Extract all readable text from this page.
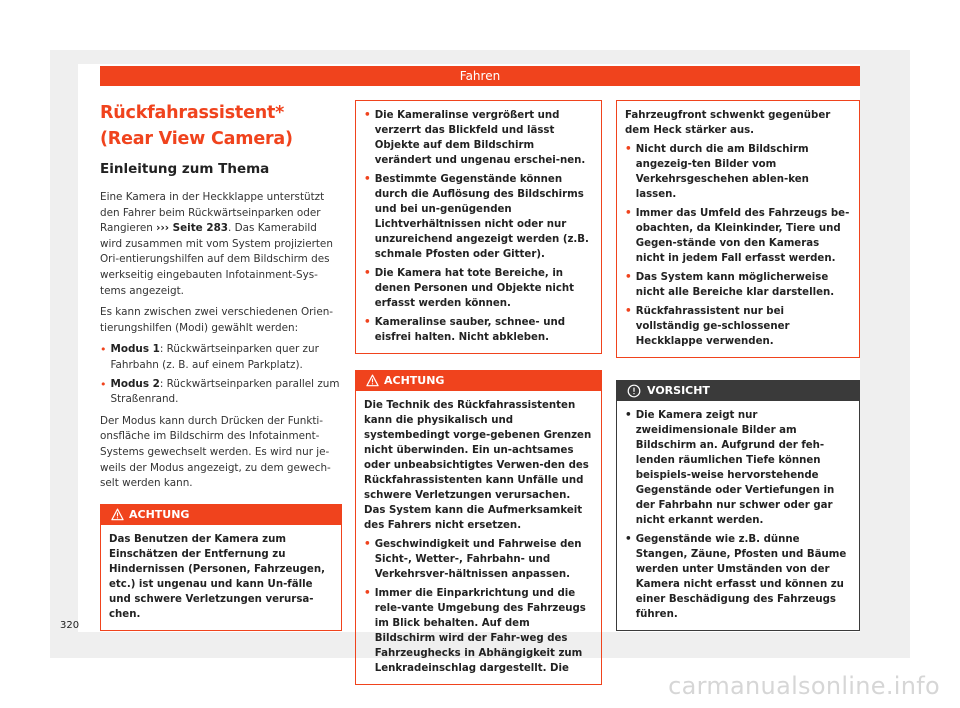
Fahren
Rückfahrassistent* (Rear View Camera)
Einleitung zum Thema

Eine Kamera in der Heckklappe unterstützt den Fahrer beim Rückwärtseinparken oder Rangieren ››› Seite 283. Das Kamerabild wird zusammen mit vom System projizierten Ori-entierungshilfen auf dem Bildschirm des werkseitig eingebauten Infotainment-Sys-tems angezeigt.

Es kann zwischen zwei verschiedenen Orien-tierungshilfen (Modi) gewählt werden:

• Modus 1: Rückwärtseinparken quer zur Fahrbahn (z. B. auf einem Parkplatz).

• Modus 2: Rückwärtseinparken parallel zum Straßenrand.

Der Modus kann durch Drücken der Funkti-onsfläche im Bildschirm des Infotainment-Systems gewechselt werden. Es wird nur je-weils der Modus angezeigt, zu dem gewech-selt werden kann.

ACHTUNG
Das Benutzen der Kamera zum Einschätzen der Entfernung zu Hindernissen (Personen, Fahrzeugen, etc.) ist ungenau und kann Un-fälle und schwere Verletzungen verursa-chen.
• Die Kameralinse vergrößert und verzerrt das Blickfeld und lässt Objekte auf dem Bildschirm verändert und ungenau erschei-nen.
• Bestimmte Gegenstände können durch die Auflösung des Bildschirms und bei un-genügenden Lichtverhältnissen nicht oder nur unzureichend angezeigt werden (z.B. schmale Pfosten oder Gitter).
• Die Kamera hat tote Bereiche, in denen Personen und Objekte nicht erfasst werden können.
• Kameralinse sauber, schnee- und eisfrei halten. Nicht abkleben.
ACHTUNG
Die Technik des Rückfahrassistenten kann die physikalisch und systembedingt vorge-gebenen Grenzen nicht überwinden. Ein un-achtsames oder unbeabsichtigtes Verwen-den des Rückfahrassistenten kann Unfälle und schwere Verletzungen verursachen. Das System kann die Aufmerksamkeit des Fahrers nicht ersetzen.
• Geschwindigkeit und Fahrweise den Sicht-, Wetter-, Fahrbahn- und Verkehrsver-hältnissen anpassen.
• Immer die Einparkrichtung und die rele-vante Umgebung des Fahrzeugs im Blick behalten. Auf dem Bildschirm wird der Fahr-weg des Fahrzeughecks in Abhängigkeit zum Lenkradeinschlag dargestellt. Die
Fahrzeugfront schwenkt gegenüber dem Heck stärker aus.
• Nicht durch die am Bildschirm angezeig-ten Bilder vom Verkehrsgeschehen ablen-ken lassen.
• Immer das Umfeld des Fahrzeugs be-obachten, da Kleinkinder, Tiere und Gegen-stände von den Kameras nicht in jedem Fall erfasst werden.
• Das System kann möglicherweise nicht alle Bereiche klar darstellen.
• Rückfahrassistent nur bei vollständig ge-schlossener Heckklappe verwenden.
VORSICHT
• Die Kamera zeigt nur zweidimensionale Bilder am Bildschirm an. Aufgrund der feh-lenden räumlichen Tiefe können beispiels-weise hervorstehende Gegenstände oder Vertiefungen in der Fahrbahn nur schwer oder gar nicht erkannt werden.
• Gegenstände wie z.B. dünne Stangen, Zäune, Pfosten und Bäume werden unter Umständen von der Kamera nicht erfasst und können zu einer Beschädigung des Fahrzeugs führen.
320
carmanualsonline.info
